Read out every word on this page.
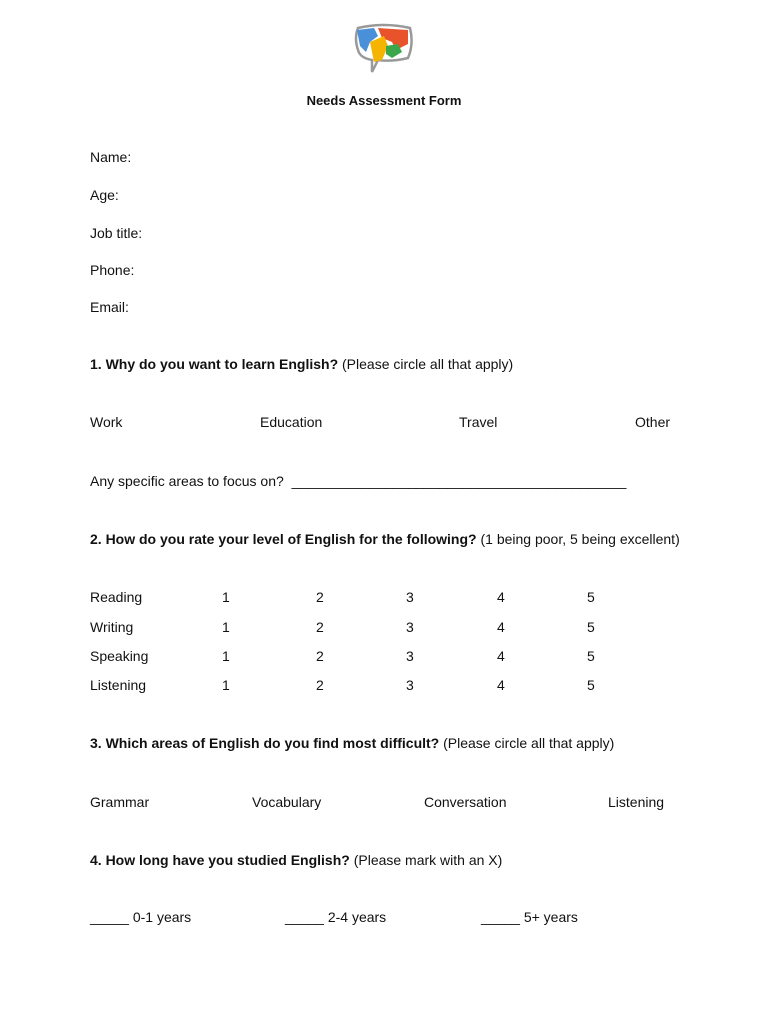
Needs Assessment Form
Name:
Age:
Job title:
Phone:
Email:
1. Why do you want to learn English? (Please circle all that apply)
Work	Education	Travel	Other
Any specific areas to focus on? ___________________________________________
2. How do you rate your level of English for the following? (1 being poor, 5 being excellent)
Reading	1	2	3	4	5
Writing	1	2	3	4	5
Speaking	1	2	3	4	5
Listening	1	2	3	4	5
3. Which areas of English do you find most difficult? (Please circle all that apply)
Grammar	Vocabulary	Conversation	Listening
4. How long have you studied English? (Please mark with an X)
_____ 0-1 years	_____ 2-4 years	_____ 5+ years
